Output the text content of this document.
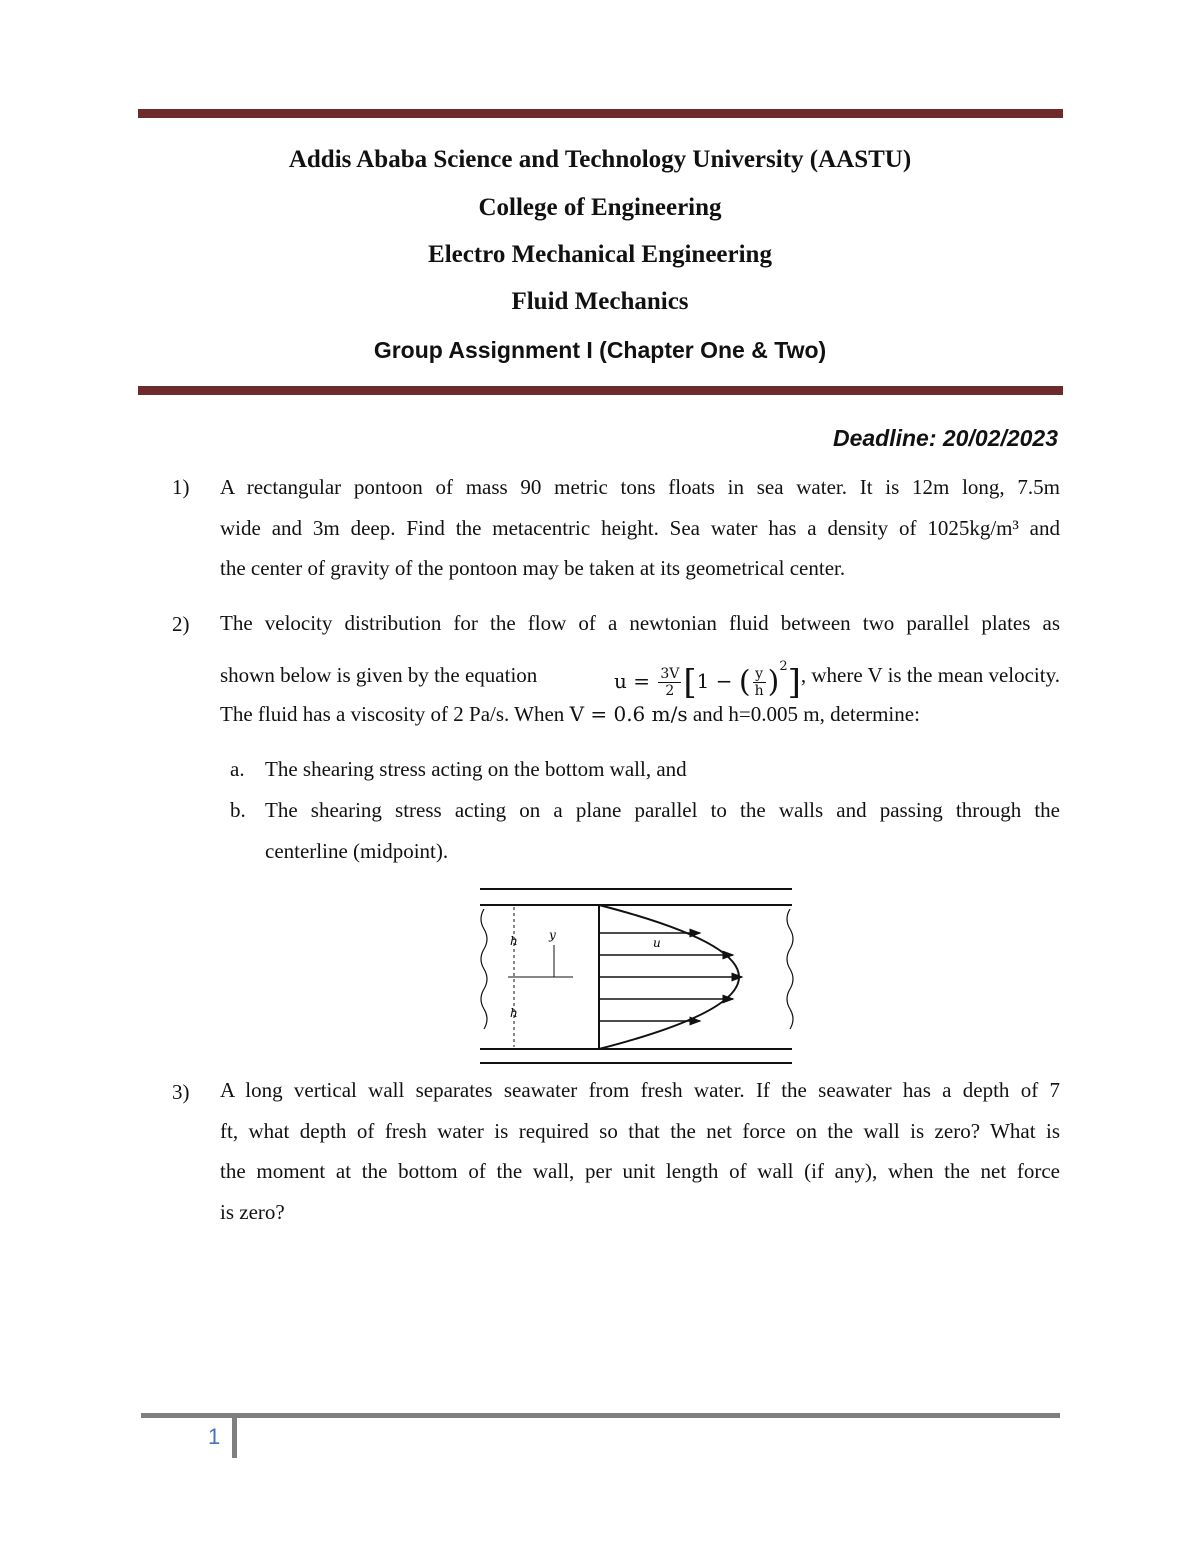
Addis Ababa Science and Technology University (AASTU)
College of Engineering
Electro Mechanical Engineering
Fluid Mechanics
Group Assignment I (Chapter One & Two)
Deadline: 20/02/2023
1) A rectangular pontoon of mass 90 metric tons floats in sea water. It is 12m long, 7.5m
wide and 3m deep. Find the metacentric height. Sea water has a density of 1025kg/m³ and
the center of gravity of the pontoon may be taken at its geometrical center.
2) The velocity distribution for the flow of a newtonian fluid between two parallel plates as
shown below is given by the equation	$u = \frac{3V}{2} [1$ − ( $\frac{y}{h} )^2$] , where V is the mean velocity.
The fluid has a viscosity of 2 Pa/s. When V = 0.6 m/s and h=0.005 m, determine:
a. The shearing stress acting on the bottom wall, and
b. The shearing stress acting on a plane parallel to the walls and passing through the
centerline (midpoint).
h
h
y
u
3) A long vertical wall separates seawater from fresh water. If the seawater has a depth of 7
ft, what depth of fresh water is required so that the net force on the wall is zero? What is
the moment at the bottom of the wall, per unit length of wall (if any), when the net force
is zero?
1
